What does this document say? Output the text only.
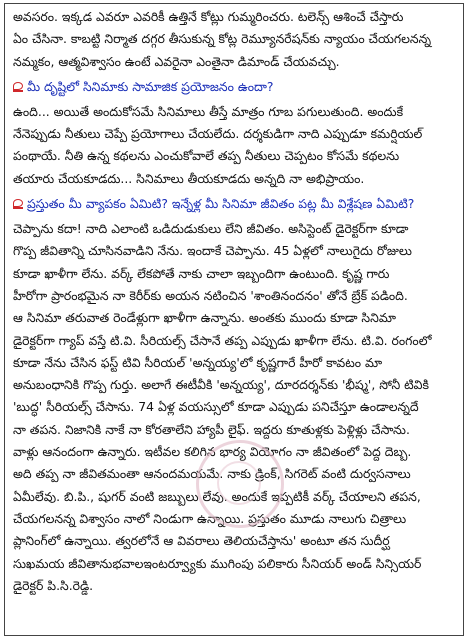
అవసరం. ఇక్కడ ఎవరూ ఎవరికీ ఉత్తినే కోట్లు గుమ్మరించరు. టలెన్స్ ఆశించే చేస్తారు
ఏం చేసినా. కాబట్టి నిర్మాత దగ్గర తీసుకున్న కోట్ల రెమ్యూనరేషన్‌కు న్యాయం చేయగలనన్న
నమ్మకం, ఆత్మవిశ్వాసం ఉంటే ఎవరైనా ఎంతైనా డిమాండ్ చేయవచ్చు.
మీ దృష్టిలో సినిమాకు సామాజిక ప్రయోజనం ఉందా?
ఉంది... అయితే అందుకోసమే సినిమాలు తీస్తే మాత్రం గూబ పగులుతుంది. అందుకే
నేనెప్పుడు నీతులు చెప్పే ప్రయోగాలు చేయలేదు. దర్శకుడిగా నాది ఎప్పుడూ కమర్షియల్
పంథాయే. నీతి ఉన్న కథలను ఎంచుకోవాలే తప్ప నీతులు చెప్పటం కోసమే కథలను
తయారు చేయకూడదు... సినిమాలు తీయకూడదు అన్నది నా అభిప్రాయం.
ప్రస్తుతం మీ వ్యాపకం ఏమిటి? ఇన్నేళ్ల మీ సినిమా జీవితం పట్ల మీ విశ్లేషణ ఏమిటి?
చెప్పాను కదా! నాది ఎలాంటి ఒడిదుడుకులు లేని జీవితం. అసిస్టెంట్ డైరెక్టర్‌గా కూడా
గొప్ప జీవితాన్ని చూసినవాడిని నేను. ఇందాకే చెప్పాను. 45 ఏళ్లలో నాలుగైదు రోజులు
కూడా ఖాళీగా లేను. వర్క్ లేకపోతే నాకు చాలా ఇబ్బందిగా ఉంటుంది. కృష్ణ గారు
హీరోగా ప్రారంభమైన నా కెరీర్‌కు అయన నటించిన 'శాంతినందనం' తోనే బ్రేక్ పడింది.
ఆ సినిమా తరువాత రెండేళ్లుగా ఖాళీగా ఉన్నాను. అంతకు ముందు కూడా సినిమా
డైరెక్టర్‌గా గ్యాప్ వస్తే టి.వి. సీరియల్స్ చేసానే తప్ప ఎప్పుడు ఖాళీగా లేను. టి.వి. రంగంలో
కూడా నేను చేసిన ఫస్ట్ టివి సీరియల్ 'అన్నయ్య'లో కృష్ణగారే హీరో కావటం మా
అనుబంధానికి గొప్ప గుర్తు. అలాగే ఈటీవీకి 'అన్నయ్య', దూరదర్శన్‌కు 'భీష్మ', సోనీ టివికి
'బుద్ధ' సీరియల్స్ చేసాను. 74 ఏళ్ల వయస్సులో కూడా ఎప్పుడు పనిచేస్తూ ఉండాలన్నదే
నా తపన. నిజానికి నాకే నా కోరతాలేని హ్యాపీ లైఫ్. ఇద్దరు కూతుళ్లకు పెళ్లిళ్లు చేసాను.
వాళ్లు ఆనందంగా ఉన్నారు. ఇటీవల కలిగిన భార్య వియోగం నా జీవితంలో పెద్ద దెబ్బ.
అది తప్ప నా జీవితమంతా ఆనందమయమే. నాకు డ్రింక్, సిగరెట్ వంటి దుర్వసనాలు
ఏమీలేవు. బి.పి., షుగర్ వంటి జబ్బులు లేవు. అందుకే ఇప్పటికీ వర్క్ చేయాలని తపన,
చేయగలనన్న విశ్వాసం నాలో నిండుగా ఉన్నాయి. ప్రస్తుతం మూడు నాలుగు చిత్రాలు
ప్లానింగ్‌లో ఉన్నాయి. త్వరలోనే ఆ వివరాలు తెలియచేస్తాను' అంటూ తన సుదీర్ఘ
సుఖమయ జీవితానుభవాలఇంటర్వ్యూకు ముగింపు పలికారు సీనియర్ అండ్ సిన్సియర్
డైరెక్టర్ పి.సి.రెడ్డి.
